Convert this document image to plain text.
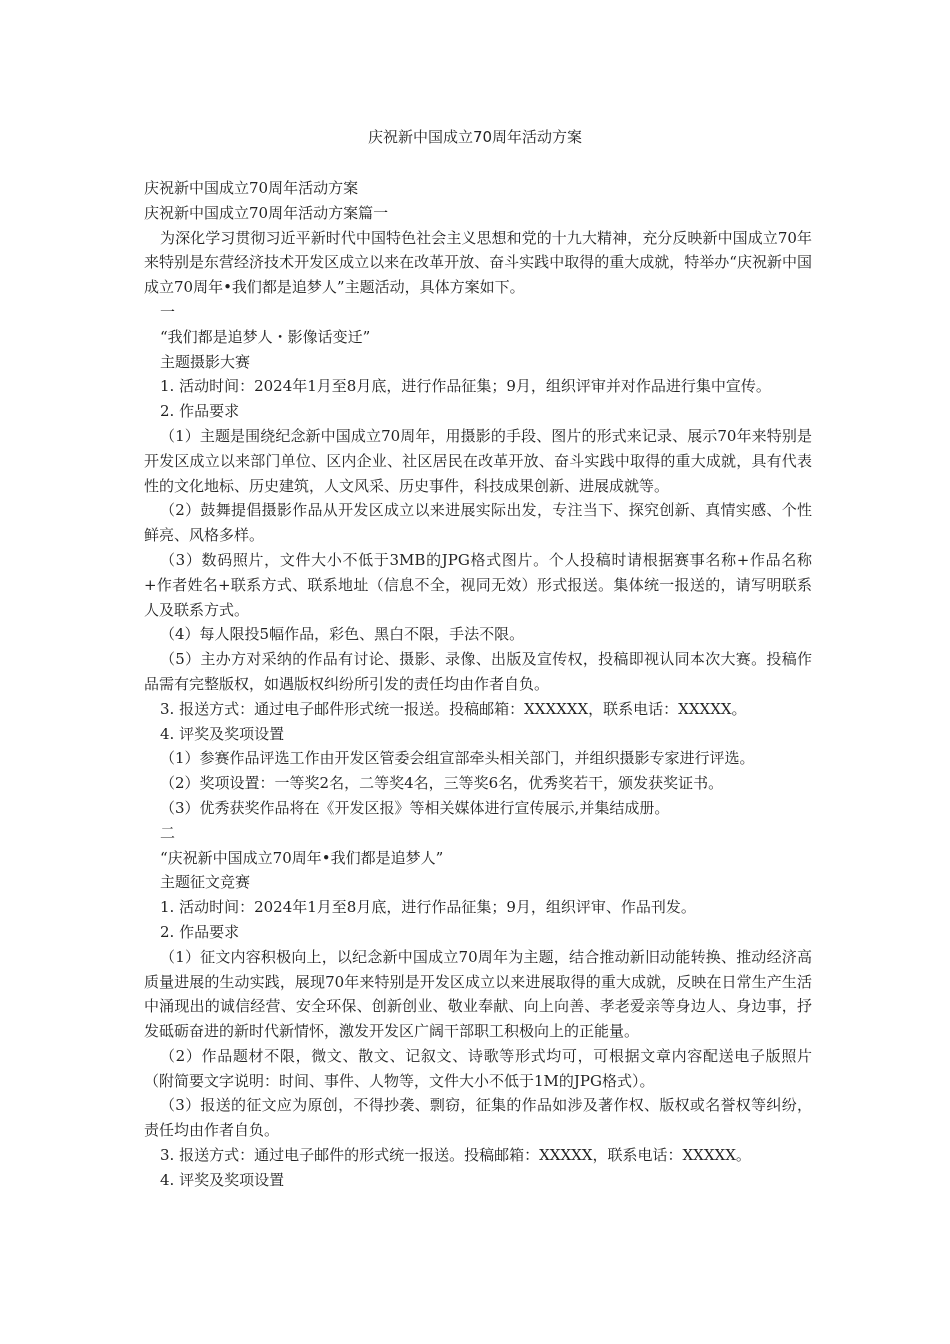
庆祝新中国成立70周年活动方案

庆祝新中国成立70周年活动方案

庆祝新中国成立70周年活动方案篇一

为深化学习贯彻习近平新时代中国特色社会主义思想和党的十九大精神，充分反映新中国成立70年来特别是东营经济技术开发区成立以来在改革开放、奋斗实践中取得的重大成就，特举办“庆祝新中国成立70周年•我们都是追梦人”主题活动，具体方案如下。

一

“我们都是追梦人・影像话变迁”

主题摄影大赛

1. 活动时间：2024年1月至8月底，进行作品征集；9月，组织评审并对作品进行集中宣传。

2. 作品要求

（1）主题是围绕纪念新中国成立70周年，用摄影的手段、图片的形式来记录、展示70年来特别是开发区成立以来部门单位、区内企业、社区居民在改革开放、奋斗实践中取得的重大成就，具有代表性的文化地标、历史建筑，人文风采、历史事件，科技成果创新、进展成就等。

（2）鼓舞提倡摄影作品从开发区成立以来进展实际出发，专注当下、探究创新、真情实感、个性鲜亮、风格多样。

（3）数码照片，文件大小不低于3MB的JPG格式图片。个人投稿时请根据赛事名称+作品名称+作者姓名+联系方式、联系地址（信息不全，视同无效）形式报送。集体统一报送的，请写明联系人及联系方式。

（4）每人限投5幅作品，彩色、黑白不限，手法不限。

（5）主办方对采纳的作品有讨论、摄影、录像、出版及宣传权，投稿即视认同本次大赛。投稿作品需有完整版权，如遇版权纠纷所引发的责任均由作者自负。

3. 报送方式：通过电子邮件形式统一报送。投稿邮箱：XXXXXX，联系电话：XXXXX。

4. 评奖及奖项设置

（1）参赛作品评选工作由开发区管委会组宣部牵头相关部门，并组织摄影专家进行评选。

（2）奖项设置：一等奖2名，二等奖4名，三等奖6名，优秀奖若干，颁发获奖证书。

（3）优秀获奖作品将在《开发区报》等相关媒体进行宣传展示,并集结成册。

二

“庆祝新中国成立70周年•我们都是追梦人”

主题征文竞赛

1. 活动时间：2024年1月至8月底，进行作品征集；9月，组织评审、作品刊发。

2. 作品要求

（1）征文内容积极向上，以纪念新中国成立70周年为主题，结合推动新旧动能转换、推动经济高质量进展的生动实践，展现70年来特别是开发区成立以来进展取得的重大成就，反映在日常生产生活中涌现出的诚信经营、安全环保、创新创业、敬业奉献、向上向善、孝老爱亲等身边人、身边事，抒发砥砺奋进的新时代新情怀，激发开发区广阔干部职工积极向上的正能量。

（2）作品题材不限，微文、散文、记叙文、诗歌等形式均可，可根据文章内容配送电子版照片（附简要文字说明：时间、事件、人物等，文件大小不低于1M的JPG格式）。

（3）报送的征文应为原创，不得抄袭、剽窃，征集的作品如涉及著作权、版权或名誉权等纠纷，责任均由作者自负。

3. 报送方式：通过电子邮件的形式统一报送。投稿邮箱：XXXXX，联系电话：XXXXX。

4. 评奖及奖项设置
